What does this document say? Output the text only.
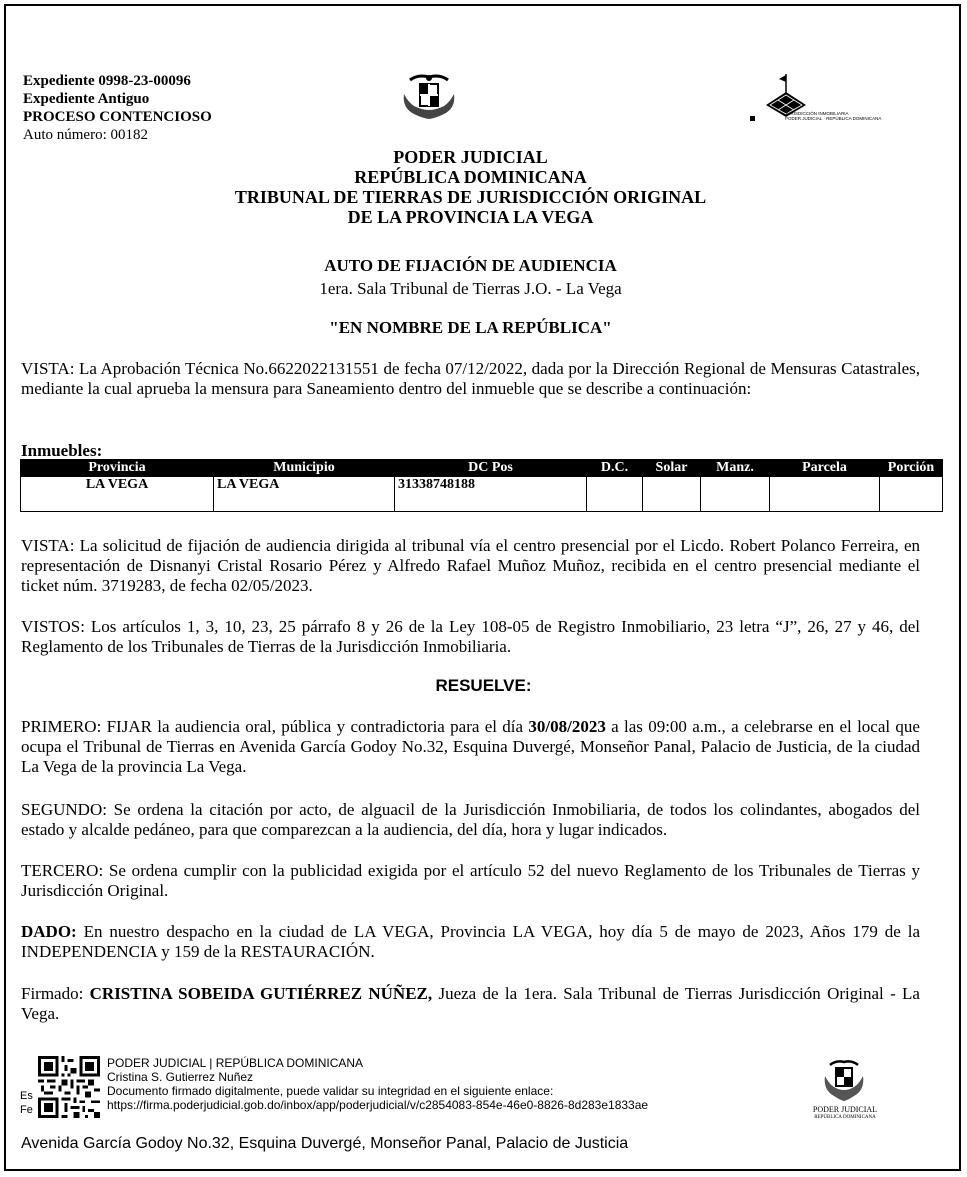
Expediente 0998-23-00096
Expediente Antiguo
PROCESO CONTENCIOSO
Auto número: 00182
JURISDICCIÓN INMOBILIARIA
PODER JUDICIAL · REPÚBLICA DOMINICANA
PODER JUDICIAL
REPÚBLICA DOMINICANA
TRIBUNAL DE TIERRAS DE JURISDICCIÓN ORIGINAL
DE LA PROVINCIA LA VEGA
AUTO DE FIJACIÓN DE AUDIENCIA
1era. Sala Tribunal de Tierras J.O. - La Vega
"EN NOMBRE DE LA REPÚBLICA"
VISTA: La Aprobación Técnica No.6622022131551 de fecha 07/12/2022, dada por la Dirección Regional de Mensuras Catastrales, mediante la cual aprueba la mensura para Saneamiento dentro del inmueble que se describe a continuación:
Inmuebles:
Provincia	Municipio	DC Pos	D.C.	Solar	Manz.	Parcela	Porción
LA VEGA	LA VEGA	31338748188					
VISTA: La solicitud de fijación de audiencia dirigida al tribunal vía el centro presencial por el Licdo. Robert Polanco Ferreira, en representación de Disnanyi Cristal Rosario Pérez y Alfredo Rafael Muñoz Muñoz, recibida en el centro presencial mediante el ticket núm. 3719283, de fecha 02/05/2023.
VISTOS: Los artículos 1, 3, 10, 23, 25 párrafo 8 y 26 de la Ley 108-05 de Registro Inmobiliario, 23 letra “J”, 26, 27 y 46, del Reglamento de los Tribunales de Tierras de la Jurisdicción Inmobiliaria.
RESUELVE:
PRIMERO: FIJAR la audiencia oral, pública y contradictoria para el día 30/08/2023 a las 09:00 a.m., a celebrarse en el local que ocupa el Tribunal de Tierras en Avenida García Godoy No.32, Esquina Duvergé, Monseñor Panal, Palacio de Justicia, de la ciudad La Vega de la provincia La Vega.
SEGUNDO: Se ordena la citación por acto, de alguacil de la Jurisdicción Inmobiliaria, de todos los colindantes, abogados del estado y alcalde pedáneo, para que comparezcan a la audiencia, del día, hora y lugar indicados.
TERCERO: Se ordena cumplir con la publicidad exigida por el artículo 52 del nuevo Reglamento de los Tribunales de Tierras y Jurisdicción Original.
DADO: En nuestro despacho en la ciudad de LA VEGA, Provincia LA VEGA, hoy día 5 de mayo de 2023, Años 179 de la INDEPENDENCIA y 159 de la RESTAURACIÓN.
Firmado: CRISTINA SOBEIDA GUTIÉRREZ NÚÑEZ, Jueza de la 1era. Sala Tribunal de Tierras Jurisdicción Original - La Vega.
Es
Fe
PODER JUDICIAL | REPÚBLICA DOMINICANA
Cristina S. Gutierrez Nuñez
Documento firmado digitalmente, puede validar su integridad en el siguiente enlace:
https://firma.poderjudicial.gob.do/inbox/app/poderjudicial/v/c2854083-854e-46e0-8826-8d283e1833ae	PODER JUDICIAL
REPÚBLICA DOMINICANA
Avenida García Godoy No.32, Esquina Duvergé, Monseñor Panal, Palacio de Justicia
